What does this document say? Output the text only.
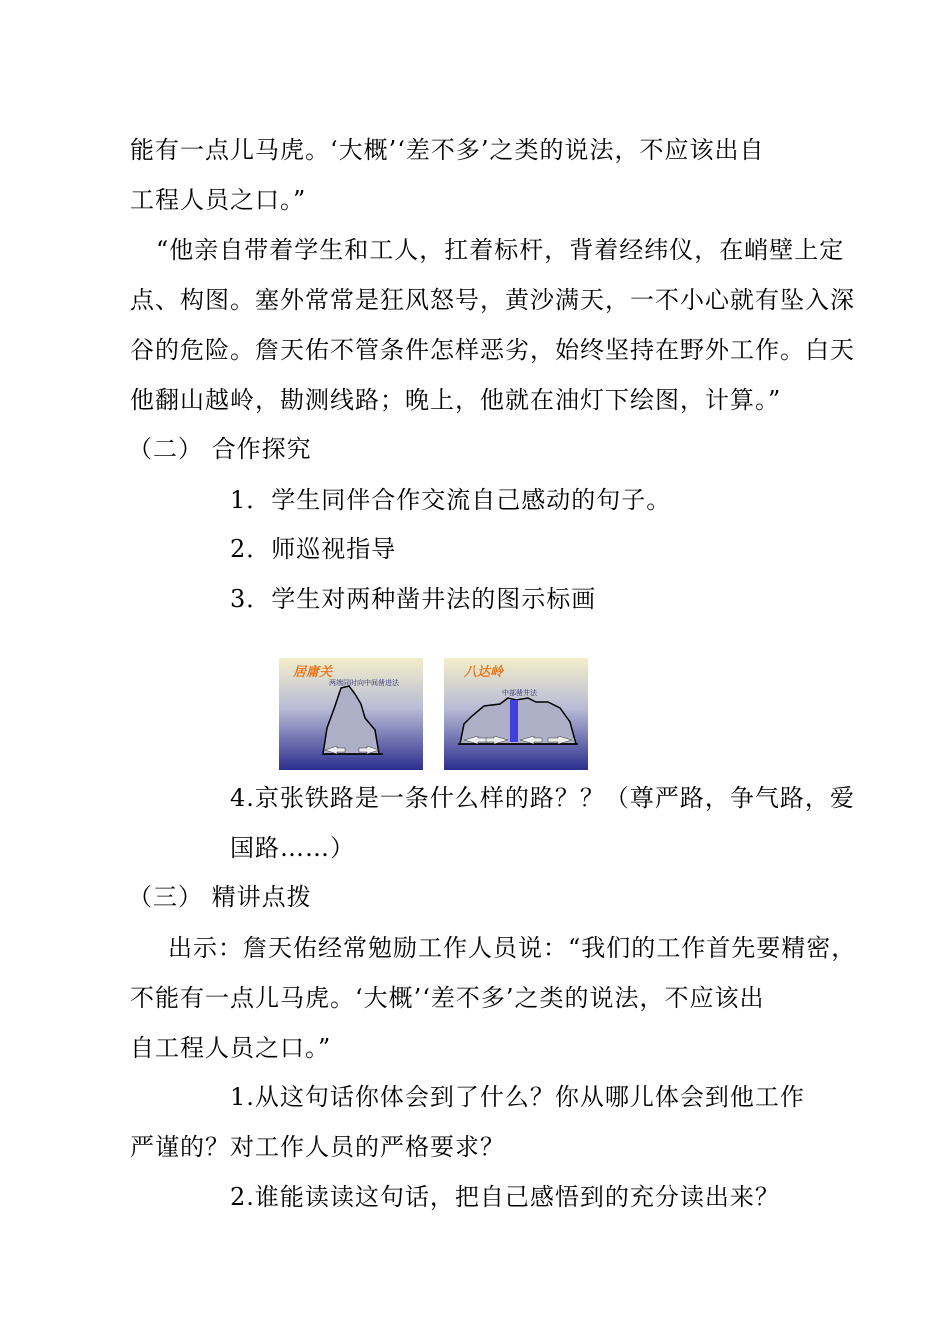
能有一点儿马虎。‘大概’‘差不多’之类的说法，不应该出自
工程人员之口。”
“他亲自带着学生和工人，扛着标杆，背着经纬仪，在峭壁上定
点、构图。塞外常常是狂风怒号，黄沙满天，一不小心就有坠入深
谷的危险。詹天佑不管条件怎样恶劣，始终坚持在野外工作。白天
他翻山越岭，勘测线路；晚上，他就在油灯下绘图，计算。”
（二） 合作探究
1．学生同伴合作交流自己感动的句子。
2．师巡视指导
3．学生对两种凿井法的图示标画
居庸关
两端同时向中间凿进法
八达岭
中部凿井法
4.京张铁路是一条什么样的路？？（尊严路，争气路，爱
国路……）
（三） 精讲点拨
出示：詹天佑经常勉励工作人员说：“我们的工作首先要精密，
不能有一点儿马虎。‘大概’‘差不多’之类的说法，不应该出
自工程人员之口。”
1.从这句话你体会到了什么？你从哪儿体会到他工作
严谨的？对工作人员的严格要求？
2.谁能读读这句话，把自己感悟到的充分读出来？
